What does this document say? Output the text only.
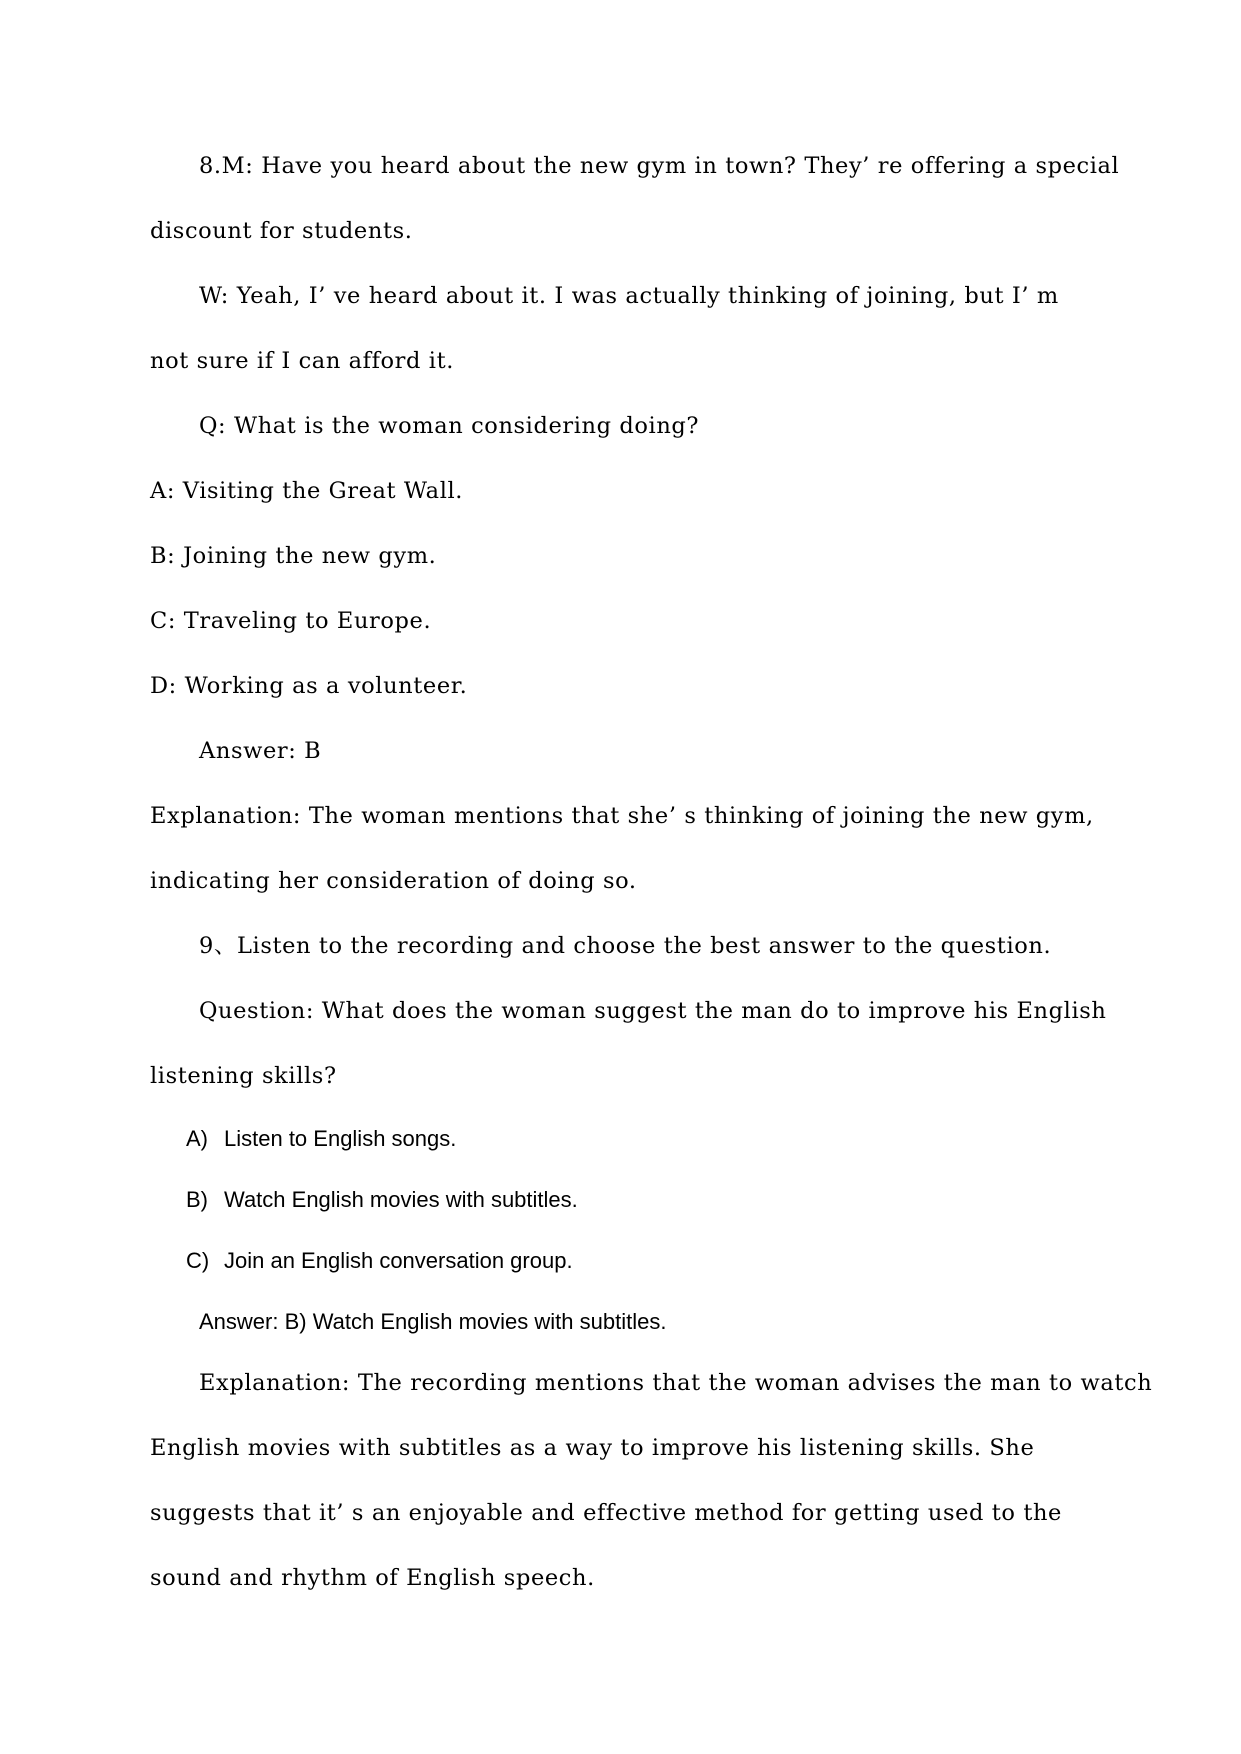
8.M: Have you heard about the new gym in town? They’ re offering a special
discount for students.
W: Yeah, I’ ve heard about it. I was actually thinking of joining, but I’ m
not sure if I can afford it.
Q: What is the woman considering doing?
A: Visiting the Great Wall.
B: Joining the new gym.
C: Traveling to Europe.
D: Working as a volunteer.
Answer: B
Explanation: The woman mentions that she’ s thinking of joining the new gym,
indicating her consideration of doing so.
9、Listen to the recording and choose the best answer to the question.
Question: What does the woman suggest the man do to improve his English
listening skills?
A) Listen to English songs.
B) Watch English movies with subtitles.
C) Join an English conversation group.
Answer: B) Watch English movies with subtitles.
Explanation: The recording mentions that the woman advises the man to watch
English movies with subtitles as a way to improve his listening skills. She
suggests that it’ s an enjoyable and effective method for getting used to the
sound and rhythm of English speech.
